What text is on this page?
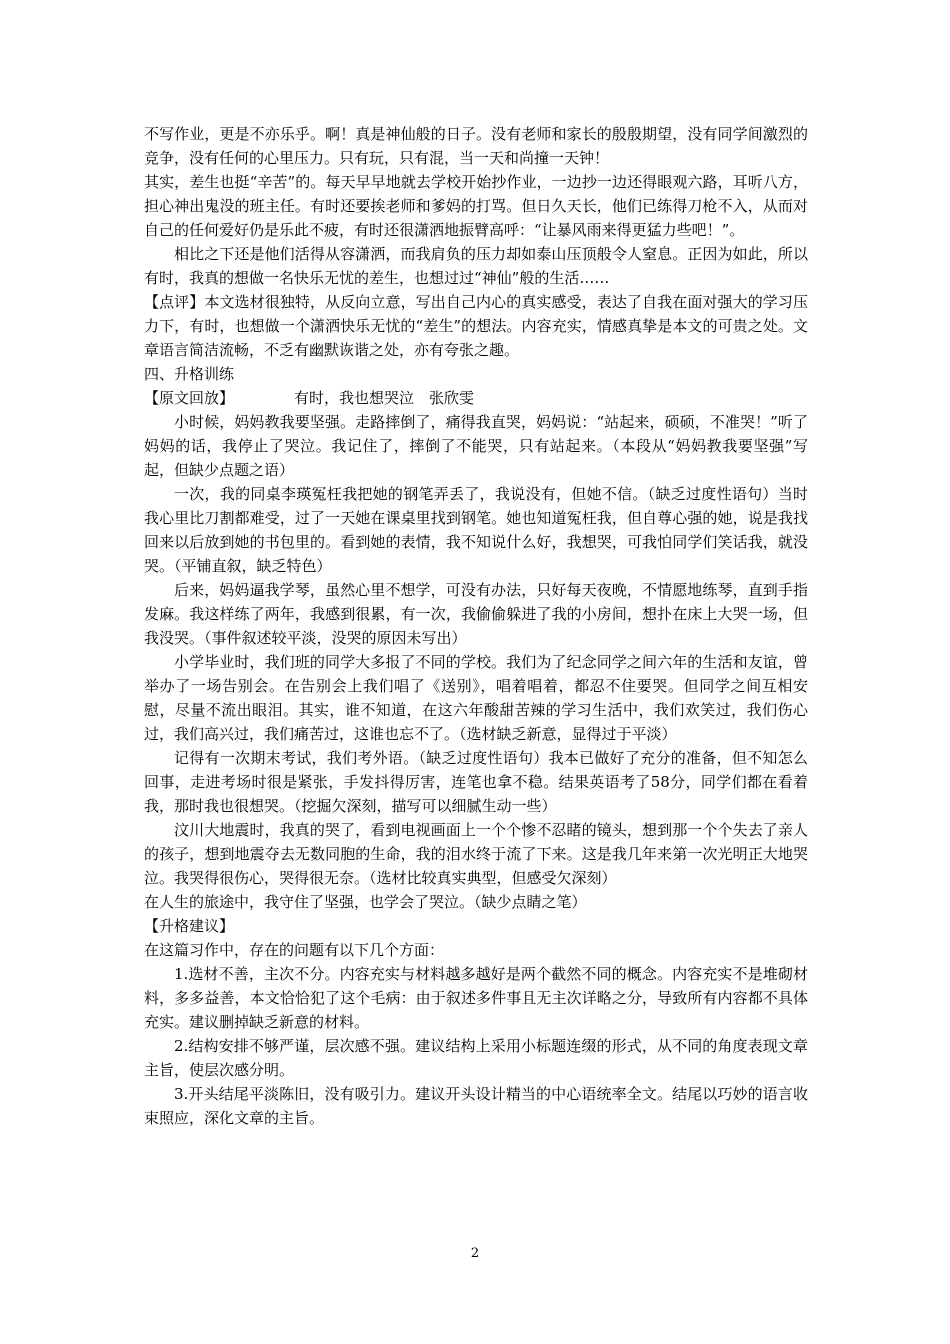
不写作业，更是不亦乐乎。啊！真是神仙般的日子。没有老师和家长的殷殷期望，没有同学间激烈的竞争，没有任何的心里压力。只有玩，只有混，当一天和尚撞一天钟！

其实，差生也挺“辛苦”的。每天早早地就去学校开始抄作业，一边抄一边还得眼观六路，耳听八方，担心神出鬼没的班主任。有时还要挨老师和爹妈的打骂。但日久天长，他们已练得刀枪不入，从而对自己的任何爱好仍是乐此不疲，有时还很潇洒地振臂高呼：“让暴风雨来得更猛力些吧！”。

相比之下还是他们活得从容潇洒，而我肩负的压力却如泰山压顶般令人窒息。正因为如此，所以有时，我真的想做一名快乐无忧的差生，也想过过“神仙”般的生活……

【点评】本文选材很独特，从反向立意，写出自己内心的真实感受，表达了自我在面对强大的学习压力下，有时，也想做一个潇洒快乐无忧的“差生”的想法。内容充实，情感真挚是本文的可贵之处。文章语言简洁流畅，不乏有幽默诙谐之处，亦有夸张之趣。

四、升格训练

【原文回放】	有时，我也想哭泣　张欣雯

小时候，妈妈教我要坚强。走路摔倒了，痛得我直哭，妈妈说：“站起来，硕硕，不准哭！”听了妈妈的话，我停止了哭泣。我记住了，摔倒了不能哭，只有站起来。（本段从“妈妈教我要坚强”写起，但缺少点题之语）

一次，我的同桌李瑛冤枉我把她的钢笔弄丢了，我说没有，但她不信。（缺乏过度性语句）当时我心里比刀割都难受，过了一天她在课桌里找到钢笔。她也知道冤枉我，但自尊心强的她，说是我找回来以后放到她的书包里的。看到她的表情，我不知说什么好，我想哭，可我怕同学们笑话我，就没哭。（平铺直叙，缺乏特色）

后来，妈妈逼我学琴，虽然心里不想学，可没有办法，只好每天夜晚，不情愿地练琴，直到手指发麻。我这样练了两年，我感到很累，有一次，我偷偷躲进了我的小房间，想扑在床上大哭一场，但我没哭。（事件叙述较平淡，没哭的原因未写出）

小学毕业时，我们班的同学大多报了不同的学校。我们为了纪念同学之间六年的生活和友谊，曾举办了一场告别会。在告别会上我们唱了《送别》，唱着唱着，都忍不住要哭。但同学之间互相安慰，尽量不流出眼泪。其实，谁不知道，在这六年酸甜苦辣的学习生活中，我们欢笑过，我们伤心过，我们高兴过，我们痛苦过，这谁也忘不了。（选材缺乏新意，显得过于平淡）

记得有一次期末考试，我们考外语。（缺乏过度性语句）我本已做好了充分的准备，但不知怎么回事，走进考场时很是紧张，手发抖得厉害，连笔也拿不稳。结果英语考了58分，同学们都在看着我，那时我也很想哭。（挖掘欠深刻，描写可以细腻生动一些）

汶川大地震时，我真的哭了，看到电视画面上一个个惨不忍睹的镜头，想到那一个个失去了亲人的孩子，想到地震夺去无数同胞的生命，我的泪水终于流了下来。这是我几年来第一次光明正大地哭泣。我哭得很伤心，哭得很无奈。（选材比较真实典型，但感受欠深刻）

在人生的旅途中，我守住了坚强，也学会了哭泣。（缺少点睛之笔）

【升格建议】

在这篇习作中，存在的问题有以下几个方面：

1.选材不善，主次不分。内容充实与材料越多越好是两个截然不同的概念。内容充实不是堆砌材料，多多益善，本文恰恰犯了这个毛病：由于叙述多件事且无主次详略之分，导致所有内容都不具体充实。建议删掉缺乏新意的材料。

2.结构安排不够严谨，层次感不强。建议结构上采用小标题连缀的形式，从不同的角度表现文章主旨，使层次感分明。

3.开头结尾平淡陈旧，没有吸引力。建议开头设计精当的中心语统率全文。结尾以巧妙的语言收束照应，深化文章的主旨。

2
